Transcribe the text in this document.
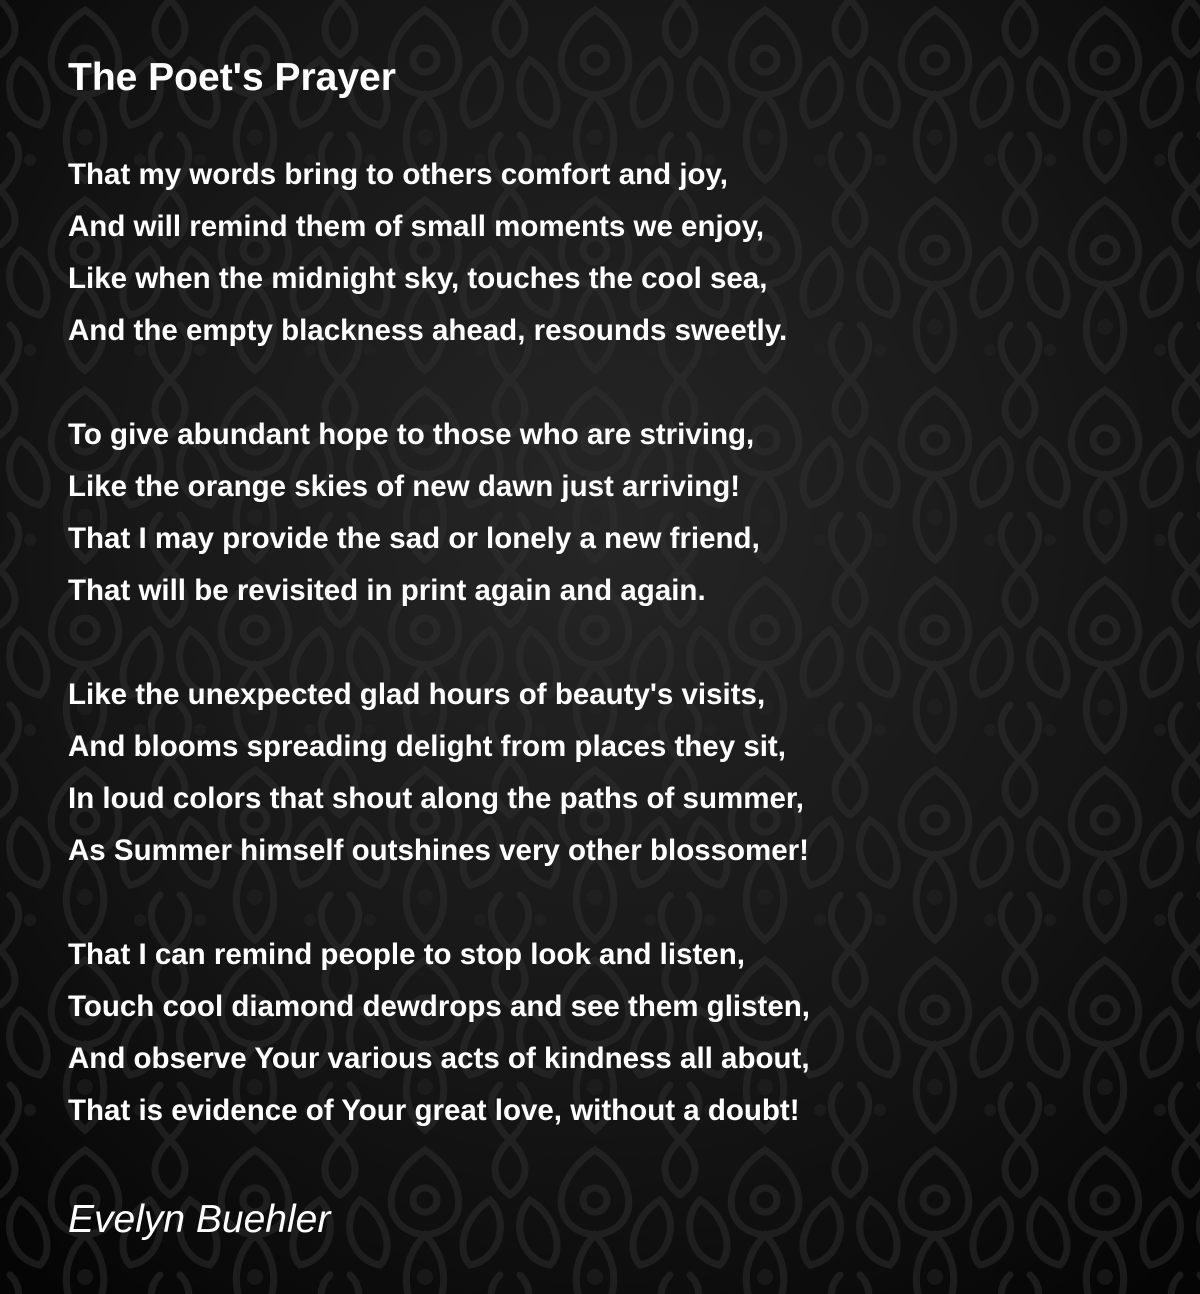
The Poet's Prayer
That my words bring to others comfort and joy,
And will remind them of small moments we enjoy,
Like when the midnight sky, touches the cool sea,
And the empty blackness ahead, resounds sweetly.
To give abundant hope to those who are striving,
Like the orange skies of new dawn just arriving!
That I may provide the sad or lonely a new friend,
That will be revisited in print again and again.
Like the unexpected glad hours of beauty's visits,
And blooms spreading delight from places they sit,
In loud colors that shout along the paths of summer,
As Summer himself outshines very other blossomer!
That I can remind people to stop look and listen,
Touch cool diamond dewdrops and see them glisten,
And observe Your various acts of kindness all about,
That is evidence of Your great love, without a doubt!

Evelyn Buehler
